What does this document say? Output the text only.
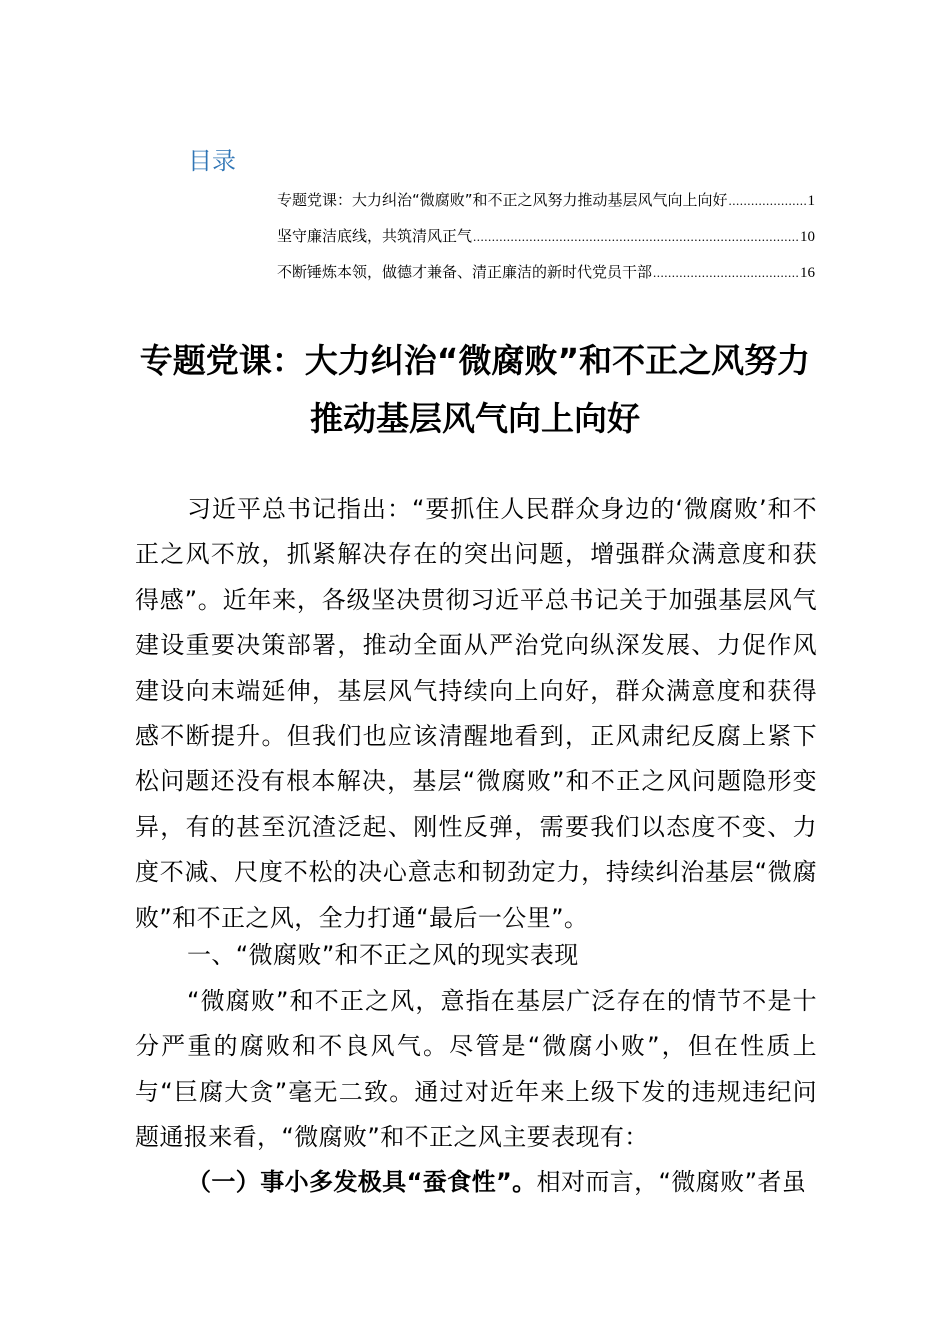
目录
专题党课：大力纠治“微腐败”和不正之风努力推动基层风气向上向好 .....	1
坚守廉洁底线，共筑清风正气 .....	10
不断锤炼本领，做德才兼备、清正廉洁的新时代党员干部 .....	16
专题党课：大力纠治“微腐败”和不正之风努力推动基层风气向上向好

习近平总书记指出：“要抓住人民群众身边的‘微腐败’和不正之风不放，抓紧解决存在的突出问题，增强群众满意度和获得感”。近年来，各级坚决贯彻习近平总书记关于加强基层风气建设重要决策部署，推动全面从严治党向纵深发展、力促作风建设向末端延伸，基层风气持续向上向好，群众满意度和获得感不断提升。但我们也应该清醒地看到，正风肃纪反腐上紧下松问题还没有根本解决，基层“微腐败”和不正之风问题隐形变异，有的甚至沉渣泛起、刚性反弹，需要我们以态度不变、力度不减、尺度不松的决心意志和韧劲定力，持续纠治基层“微腐败”和不正之风，全力打通“最后一公里”。

一、“微腐败”和不正之风的现实表现

“微腐败”和不正之风，意指在基层广泛存在的情节不是十分严重的腐败和不良风气。尽管是“微腐小败”，但在性质上与“巨腐大贪”毫无二致。通过对近年来上级下发的违规违纪问题通报来看，“微腐败”和不正之风主要表现有：

（一）事小多发极具“蚕食性”。相对而言，“微腐败”者虽
